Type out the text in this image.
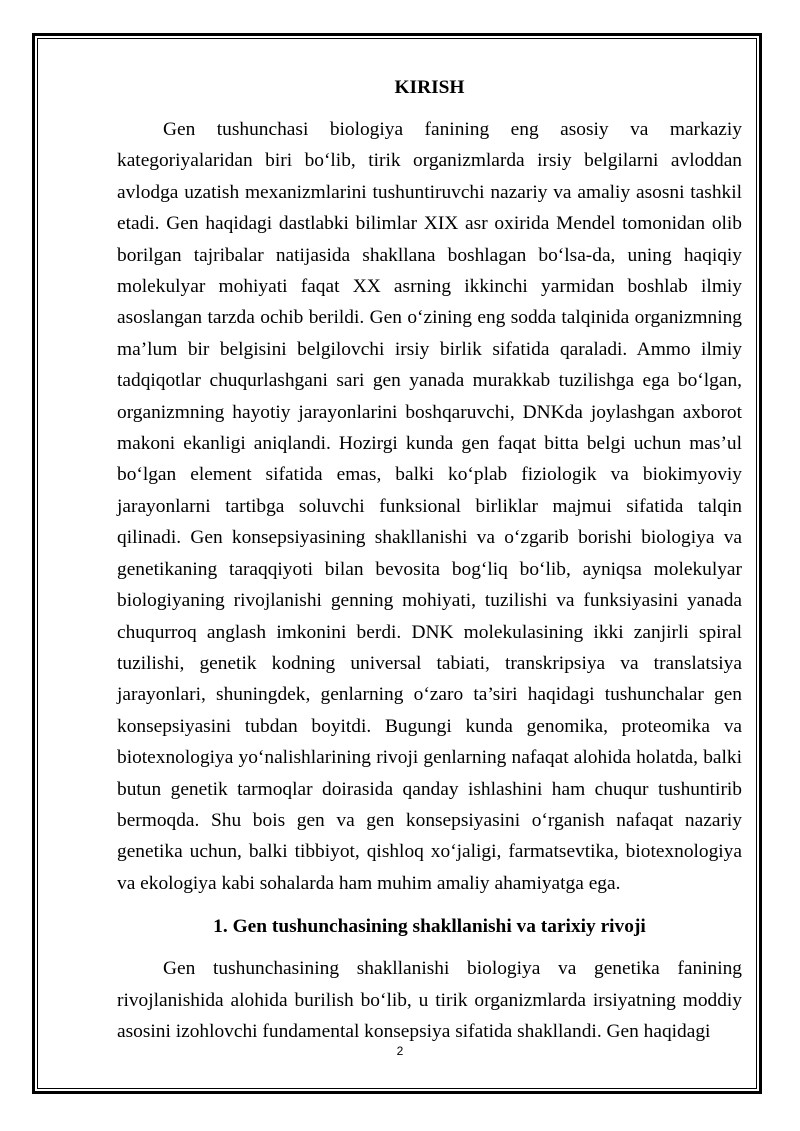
KIRISH

Gen tushunchasi biologiya fanining eng asosiy va markaziy kategoriyalaridan biri bo‘lib, tirik organizmlarda irsiy belgilarni avloddan avlodga uzatish mexanizmlarini tushuntiruvchi nazariy va amaliy asosni tashkil etadi. Gen haqidagi dastlabki bilimlar XIX asr oxirida Mendel tomonidan olib borilgan tajribalar natijasida shakllana boshlagan bo‘lsa-da, uning haqiqiy molekulyar mohiyati faqat XX asrning ikkinchi yarmidan boshlab ilmiy asoslangan tarzda ochib berildi. Gen o‘zining eng sodda talqinida organizmning ma’lum bir belgisini belgilovchi irsiy birlik sifatida qaraladi. Ammo ilmiy tadqiqotlar chuqurlashgani sari gen yanada murakkab tuzilishga ega bo‘lgan, organizmning hayotiy jarayonlarini boshqaruvchi, DNKda joylashgan axborot makoni ekanligi aniqlandi. Hozirgi kunda gen faqat bitta belgi uchun mas’ul bo‘lgan element sifatida emas, balki ko‘plab fiziologik va biokimyoviy jarayonlarni tartibga soluvchi funksional birliklar majmui sifatida talqin qilinadi. Gen konsepsiyasining shakllanishi va o‘zgarib borishi biologiya va genetikaning taraqqiyoti bilan bevosita bog‘liq bo‘lib, ayniqsa molekulyar biologiyaning rivojlanishi genning mohiyati, tuzilishi va funksiyasini yanada chuqurroq anglash imkonini berdi. DNK molekulasining ikki zanjirli spiral tuzilishi, genetik kodning universal tabiati, transkripsiya va translatsiya jarayonlari, shuningdek, genlarning o‘zaro ta’siri haqidagi tushunchalar gen konsepsiyasini tubdan boyitdi. Bugungi kunda genomika, proteomika va biotexnologiya yo‘nalishlarining rivoji genlarning nafaqat alohida holatda, balki butun genetik tarmoqlar doirasida qanday ishlashini ham chuqur tushuntirib bermoqda. Shu bois gen va gen konsepsiyasini o‘rganish nafaqat nazariy genetika uchun, balki tibbiyot, qishloq xo‘jaligi, farmatsevtika, biotexnologiya va ekologiya kabi sohalarda ham muhim amaliy ahamiyatga ega.

1. Gen tushunchasining shakllanishi va tarixiy rivoji

Gen tushunchasining shakllanishi biologiya va genetika fanining rivojlanishida alohida burilish bo‘lib, u tirik organizmlarda irsiyatning moddiy asosini izohlovchi fundamental konsepsiya sifatida shakllandi. Gen haqidagi

2
